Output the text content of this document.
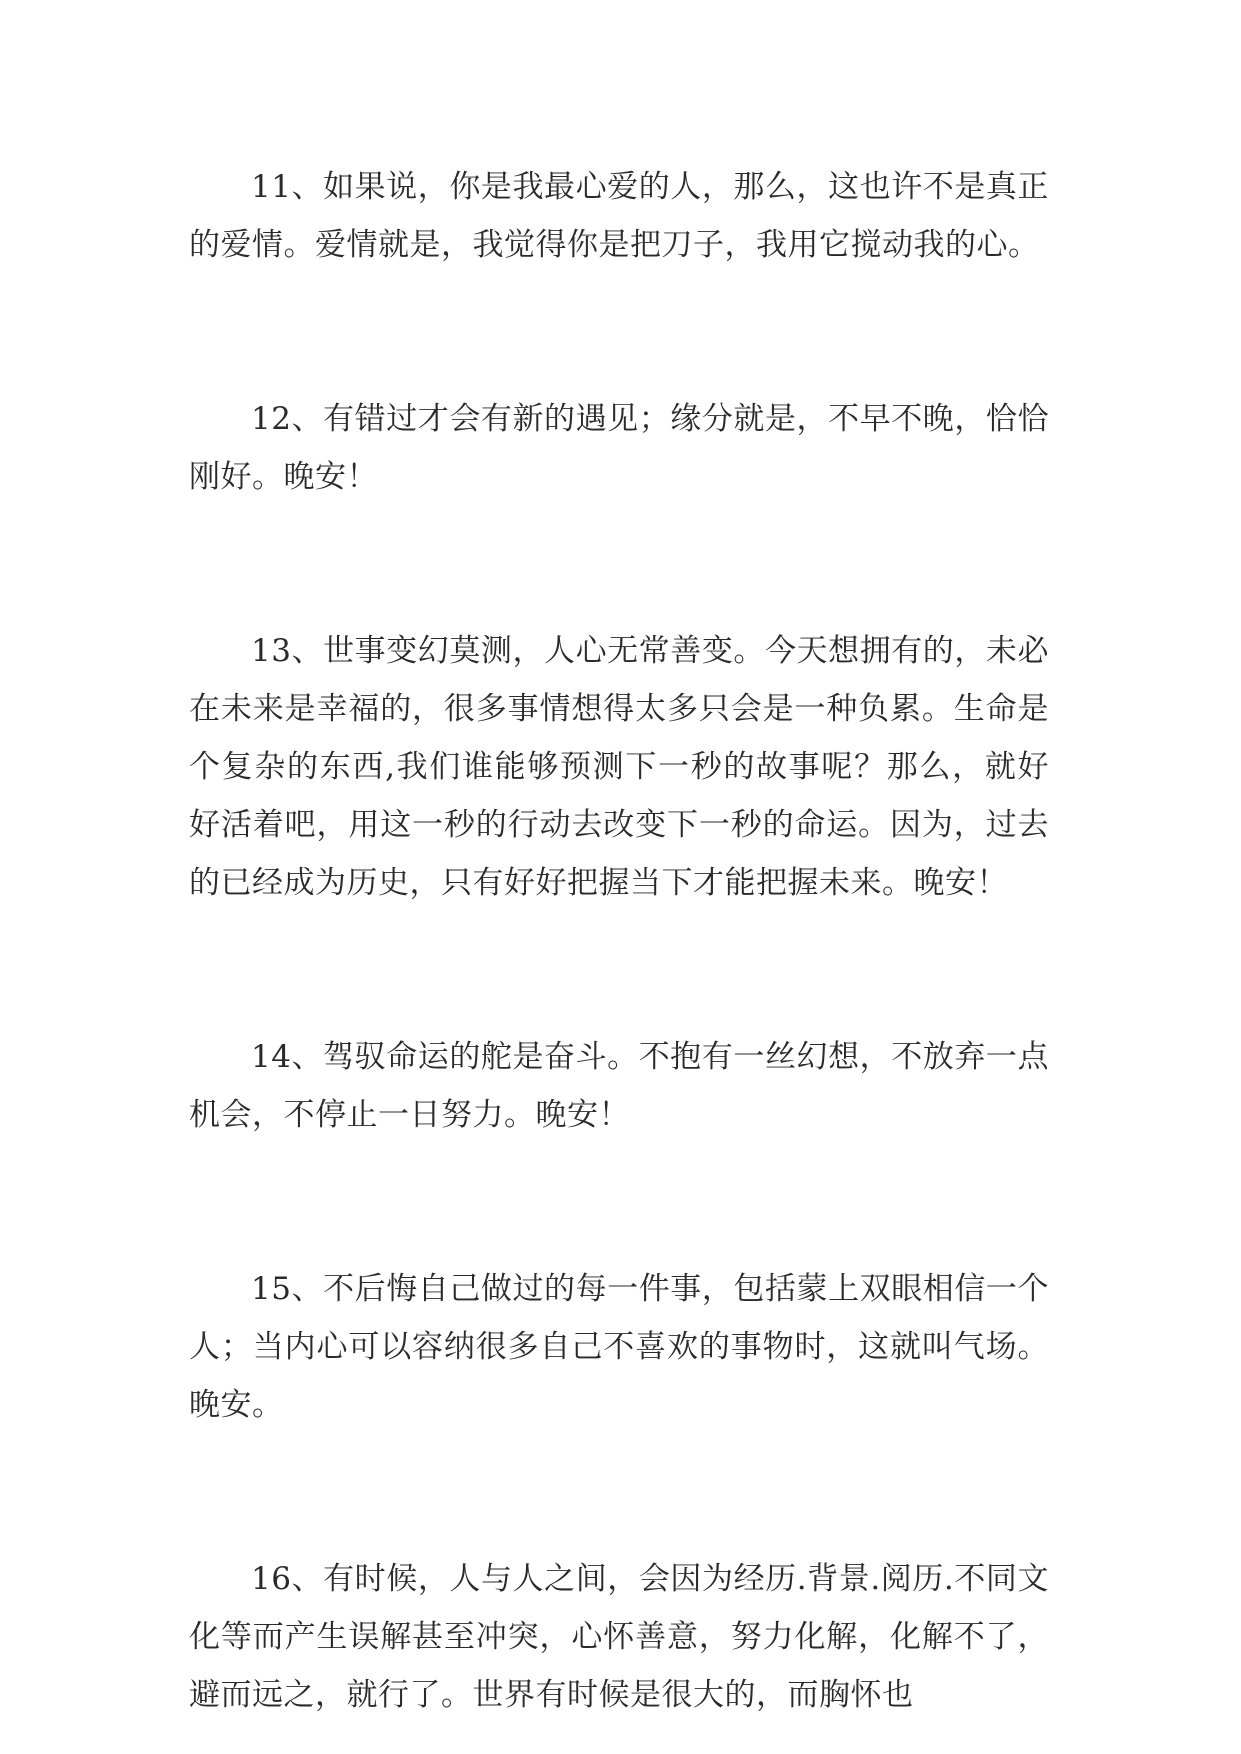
11、如果说，你是我最心爱的人，那么，这也许不是真正的爱情。爱情就是，我觉得你是把刀子，我用它搅动我的心。

12、有错过才会有新的遇见；缘分就是，不早不晚，恰恰刚好。晚安！

13、世事变幻莫测，人心无常善变。今天想拥有的，未必在未来是幸福的，很多事情想得太多只会是一种负累。生命是个复杂的东西,我们谁能够预测下一秒的故事呢？那么，就好好活着吧，用这一秒的行动去改变下一秒的命运。因为，过去的已经成为历史，只有好好把握当下才能把握未来。晚安！

14、驾驭命运的舵是奋斗。不抱有一丝幻想，不放弃一点机会，不停止一日努力。晚安！

15、不后悔自己做过的每一件事，包括蒙上双眼相信一个人；当内心可以容纳很多自己不喜欢的事物时，这就叫气场。晚安。

16、有时候，人与人之间，会因为经历.背景.阅历.不同文化等而产生误解甚至冲突，心怀善意，努力化解，化解不了，避而远之，就行了。世界有时候是很大的，而胸怀也
